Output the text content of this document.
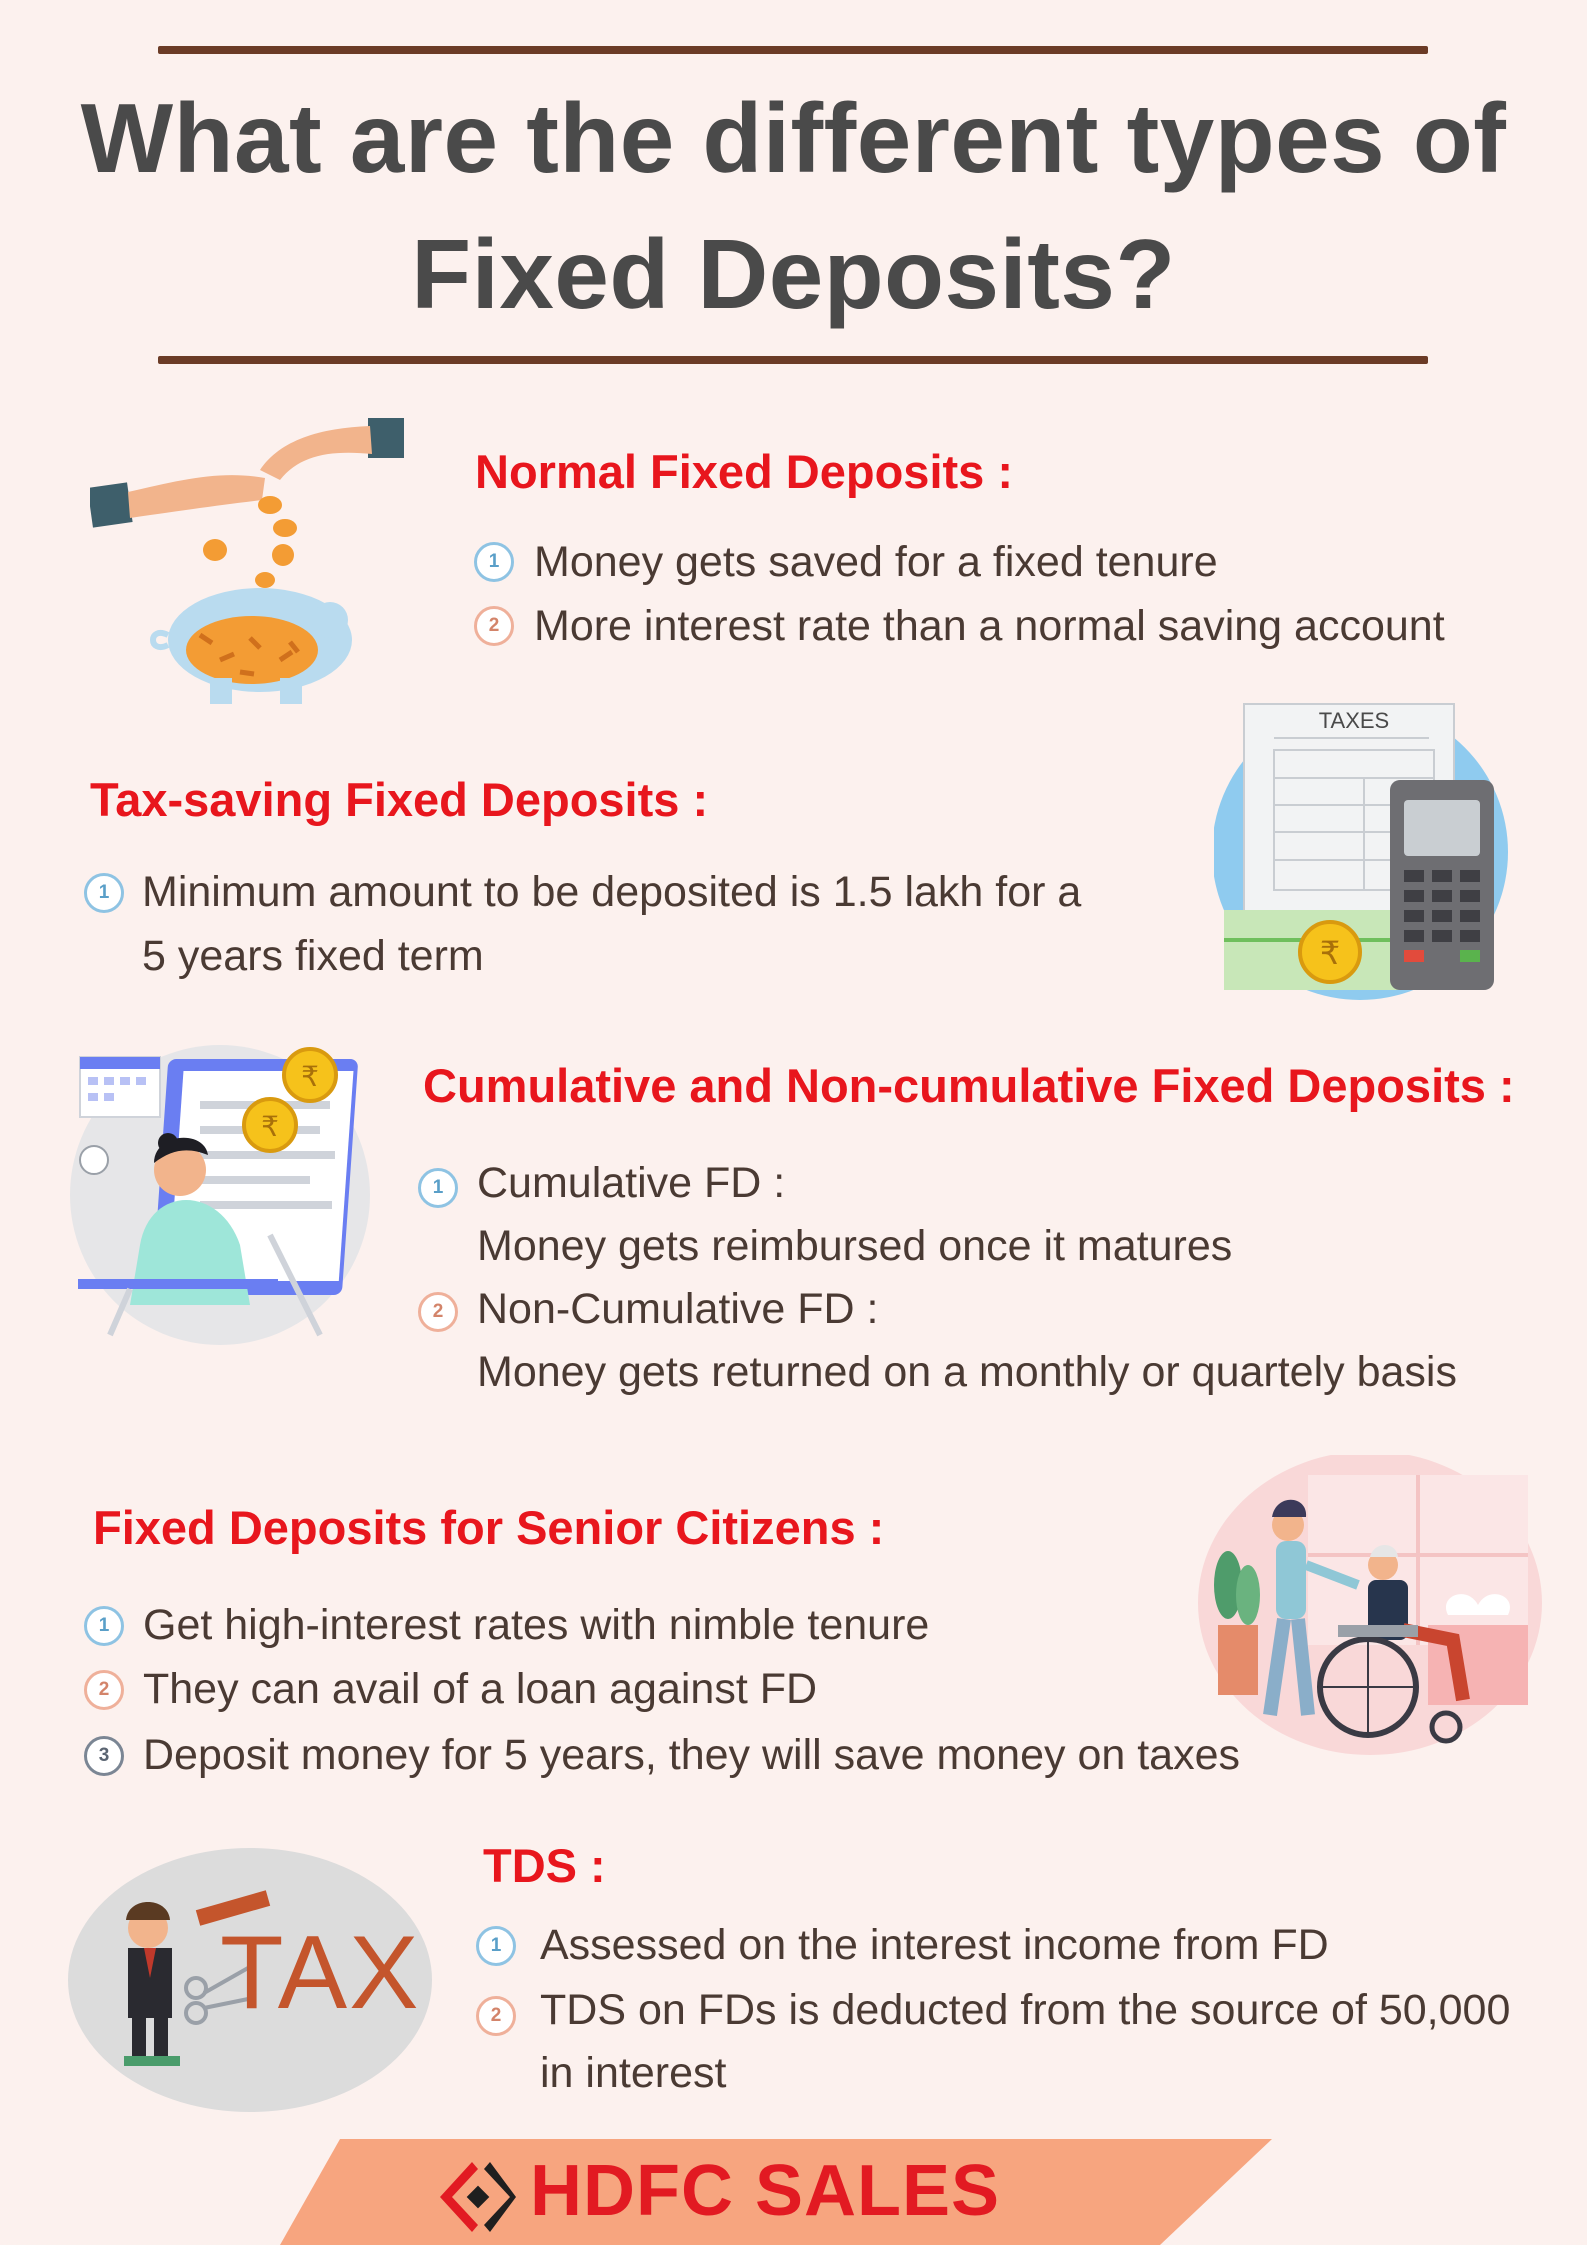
What are the different types of
Fixed Deposits?
Normal Fixed Deposits :
1 Money gets saved for a fixed tenure
2 More interest rate than a normal saving account
Tax-saving Fixed Deposits :
1 Minimum amount to be deposited is 1.5 lakh for a
5 years fixed term	₹
TAXES
₹
₹
Cumulative and Non-cumulative Fixed Deposits :
1 Cumulative FD :
Money gets reimbursed once it matures
2 Non-Cumulative FD :
Money gets returned on a monthly or quartely basis
Fixed Deposits for Senior Citizens :
1 Get high-interest rates with nimble tenure
2 They can avail of a loan against FD
3 Deposit money for 5 years, they will save money on taxes
TAX
TDS :
1 Assessed on the interest income from FD
2 TDS on FDs is deducted from the source of 50,000
in interest
HDFC SALES
